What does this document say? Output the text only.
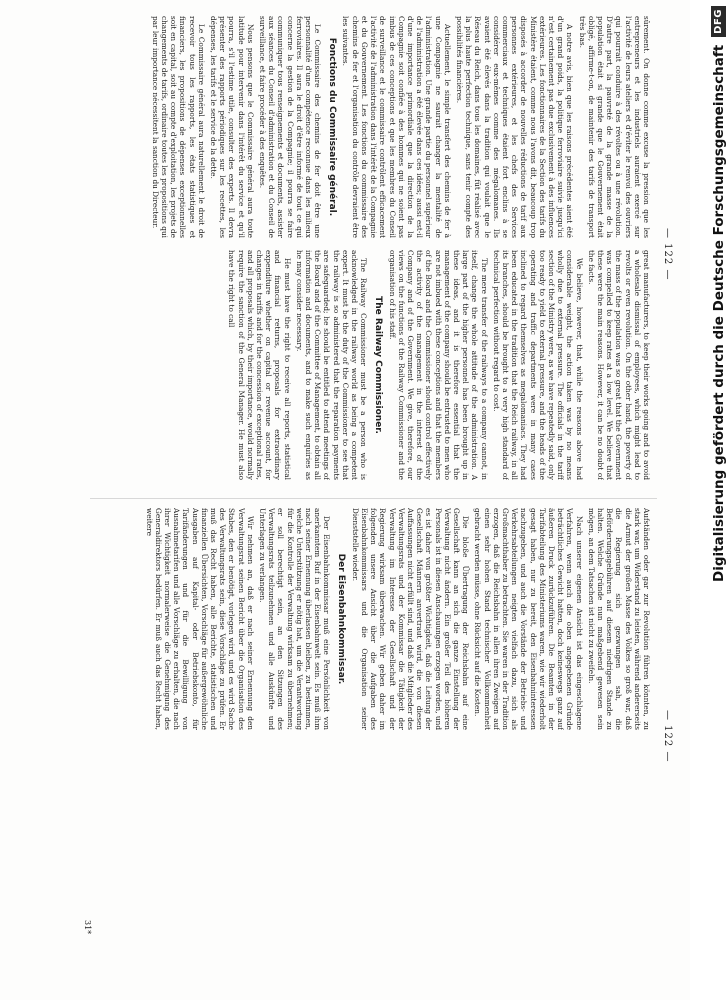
— 122 —

sûrement. On donne comme excuse la pression que les entrepreneurs et les industriels auraient exercé sur l'activité de leurs ateliers et d'éviter le renvoi des ouvriers qui pourrait conduire à des révoltes ou à une révolution. D'autre part, la pauvreté de la grande masse de la population était si grande que le Gouvernement était obligé, affirme-t-on, de maintenir des tarifs de transport très bas.

A notre avis, bien que les raisons précédentes aient été d'un grand poids, la politique ferroviaire suivie jusqu'ici n'est certainement pas due exclusivement à des influences extérieures. Les fonctionnaires de la Section des tarifs du Ministère étaient, comme nous l'avons dit, beaucoup trop disposés à accorder de nouvelles réductions de tarif aux personnes extérieures, et les chefs des Services commerciaux et techniques étaient fort enclins à se considérer eux-mêmes comme des mégalomanes. Ils avaient été élevés dans la tradition qui voulait que le Réseau du Reich, dans tous les domaines, fût réalisé avec la plus haute perfection technique, sans tenir compte des possibilités financières.

Actuellement, le simple transfert des chemins de fer à une Compagnie ne saurait changer la mentalité de l'administration. Une grande partie du personnel supérieur de l'administration a été élevée dans ces idées; aussi est-il d'une importance primordiale que la direction de la Compagnie soit confiée à des hommes qui ne soient pas imbus de ces conceptions et que les membres du Conseil de surveillance et le commissaire contrôlent efficacement l'activité de l'administration dans l'intérêt de la Compagnie et du Gouvernement. Les fonctions du commissaire des chemins de fer et l'organisation du contrôle devraient être les suivantes.

Fonctions du Commissaire général.

Le Commissaire des chemins de fer doit être une personnalité d'une compétence reconnue dans les milieux ferroviaires. Il aura le droit d'être informé de tout ce qui concerne la gestion de la Compagnie; il pourra se faire communiquer tous renseignements et documents, assister aux séances du Conseil d'administration et du Conseil de surveillance, et faire procéder à des enquêtes.

Nous pensons que le Commissaire général aura toute latitude pour intervenir dans l'intérêt du service et qu'il pourra, s'il l'estime utile, consulter des experts. Il devra présenter des rapports périodiques sur les recettes, les dépenses, les tarifs et le service de la dette.

Le Commissaire général aura naturellement le droit de recevoir tous les rapports, les états statistiques et financiers, les propositions de dépenses exceptionnelles soit en capital, soit au compte d'exploitation, les projets de changements de tarifs, ordinaire toutes les propositions qui par leur importance nécessitent la sanction du Directeur.

great manufacturers, to keep their works going and to avoid a wholesale dismissal of employees, which might lead to revolts or even revolution. On the other hand, the poverty of the mass of the population was so great that the Government was compelled to keep rates at a low level. We believe that these were the main reasons. However, it can be no doubt of the facts.

We believe, however, that, while the reasons above had considerable weight, the action taken was by no means wholly due to external pressure. The officials in the tariff section of the Ministry were, as we have repeatedly said, only too ready to yield to external pressure, and the heads of the operating and traffic departments were in many cases inclined to regard themselves as megalomaniacs. They had been educated in the tradition that the Reich railway, in all its branches, should be brought to a very high standard of technical perfection without regard to cost.

The mere transfer of the railways to a company cannot, in itself, change the whole attitude of the administration. A large part of the higher personnel has been brought up in these ideas, and it is therefore essential that the management of the company should be entrusted to men who are not imbued with these conceptions and that the members of the Board and the Commissioner should control effectively the activity of the management in the interest of the Company and of the Government. We give, therefore, our views on the functions of the Railway Commissioner and the organisation of his staff.

The Railway Commissioner.

The Railway Commissioner must be a person who is acknowledged in the railway world as being a competent expert. It must be the duty of the Commissioner to see that the railway is so administered that the reparation payments are safeguarded; he should be entitled to attend meetings of the Board and of the Committee of Management, to obtain all information and documents, and to make such enquiries as he may consider necessary.

He must have the right to receive all reports, statistical and financial returns, proposals for extraordinary expenditure whether on capital or revenue account, for changes in tariffs and for the concession of exceptional rates, and all proposals which, by their importance, would normally require the sanction of the General Manager. He must also have the right to call

— 122 —

Aufständen oder gar zur Revolution führen könnten, zu stark war, um Widerstand zu leisten, während andererseits die Armut der großen Masse des Volkes so groß war, daß die Regierung sich gezwungen sah, die Beförderungsgebühren auf diesem niedrigen Stande zu halten. Welche Gründe nun maßgebend gewesen sein mögen, an dem Tatsachen ist nicht zu zweifeln.

Nach unserer eigenen Ansicht ist das eingeschlagene Verfahren, wenn auch die oben angegebenen Gründe beträchtliches Gewicht hatten, doch keineswegs ganz auf äußeren Druck zurückzuführen. Die Beamten in der Tarifabteilung des Ministeriums waren, wie wir wiederholt gesagt haben, nur zu bereit, den Eisenbahninteressen nachzugeben, und auch die Vorstände der Betriebs- und Verkehrsabteilungen neigten vielfach dazu, sich als Großmachthaber zu betrachten. Sie waren in der Tradition erzogen, daß die Reichsbahn in allen ihren Zweigen auf einen sehr hohen Stand technischer Vollkommenheit gebracht werden müsse, ohne Rücksicht auf die Kosten.

Die bloße Übertragung der Reichsbahn auf eine Gesellschaft kann an sich die ganze Einstellung der Verwaltung nicht ändern. Ein großer Teil des höheren Personals ist in diesen Anschauungen erzogen worden, und es ist daher von größter Wichtigkeit, daß die Leitung der Gesellschaft Männern anvertraut wird, die von diesen Auffassungen nicht erfüllt sind, und daß die Mitglieder des Verwaltungsrats und der Kommissar die Tätigkeit der Verwaltung im Interesse der Gesellschaft und der Regierung wirksam überwachen. Wir geben daher im folgenden unsere Ansicht über die Aufgaben des Eisenbahnkommissars und die Organisation seiner Dienststelle wieder.

Der Eisenbahnkommissar.

Der Eisenbahnkommissar muß eine Persönlichkeit von anerkanntem Ruf in der Eisenbahnwelt sein. Es muß ihm nach seiner Ernennung überlassen bleiben, zu bestimmen, welche Unterstützung er nötig hat, um die Verantwortung für die Kontrolle der Verwaltung wirksam zu übernehmen; er soll berechtigt sein, an den Sitzungen des Verwaltungsrats teilzunehmen und alle Auskünfte und Unterlagen zu verlangen.

Wir nehmen an, daß er nach seiner Ernennung den Verwaltungsrat seinen Bericht über die Organisation des Stabes, den er benötigt, vorlegen wird, und es wird Sache des Verwaltungsrats sein, diese Vorschläge zu prüfen. Er muß das Recht haben, alle Berichte, statistischen und finanziellen Übersichten, Vorschläge für außergewöhnliche Ausgaben auf Kapital- oder Betriebskonto, für Tarifänderungen und für die Bewilligung von Ausnahmetarifen und alle Vorschläge zu erhalten, die nach ihrer Wichtigkeit normalerweise die Genehmigung des Generaldirektors bedürfen. Er muß auch das Recht haben, weitere

31*
Digitalisierung gefördert durch die Deutsche Forschungsgemeinschaft
DFG
